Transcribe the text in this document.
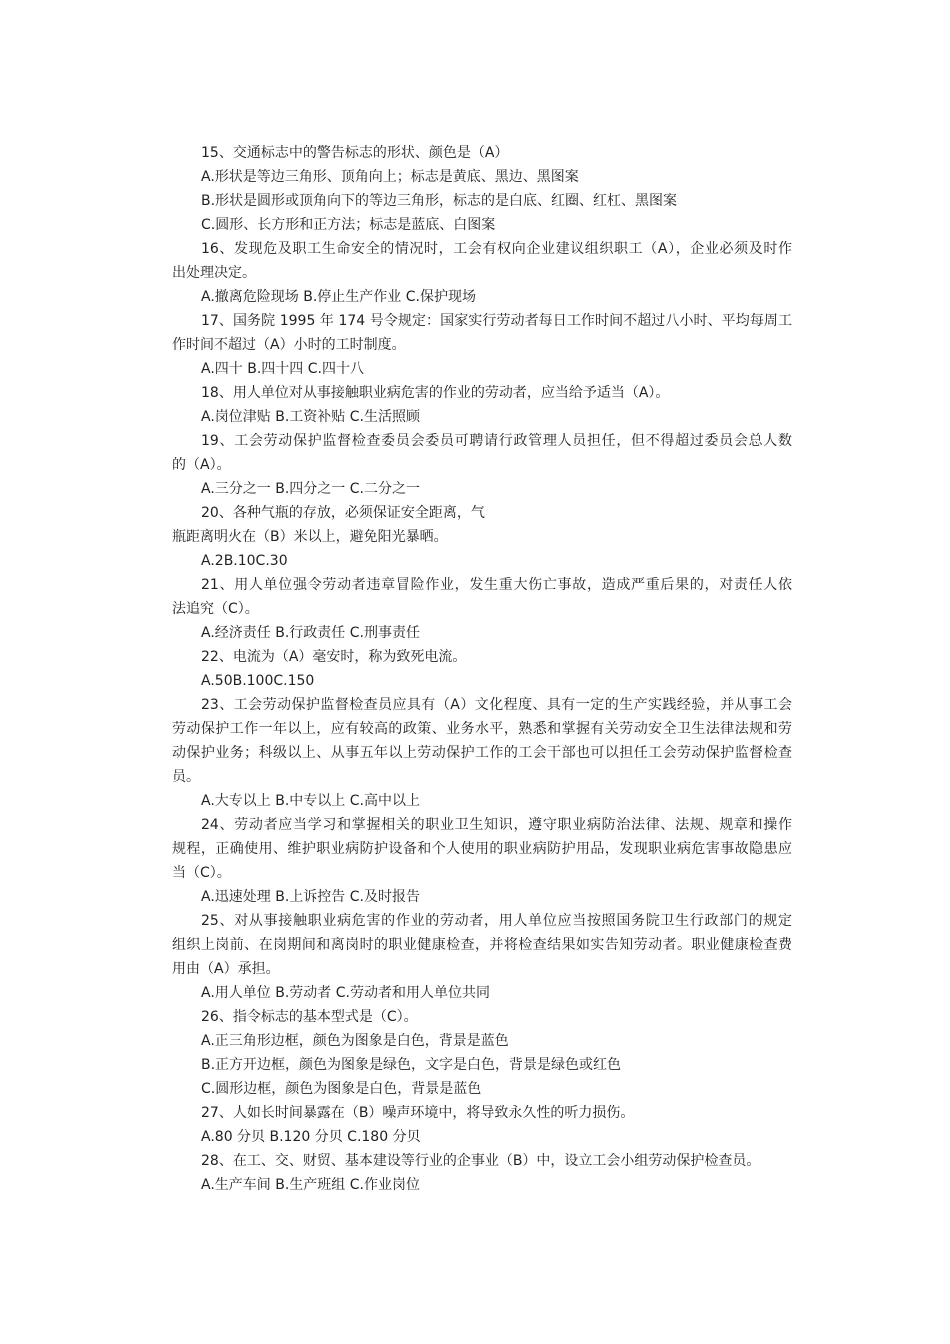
15、交通标志中的警告标志的形状、颜色是（A）
A.形状是等边三角形、顶角向上；标志是黄底、黑边、黑图案
B.形状是圆形或顶角向下的等边三角形，标志的是白底、红圈、红杠、黑图案
C.圆形、长方形和正方法；标志是蓝底、白图案
16、发现危及职工生命安全的情况时，工会有权向企业建议组织职工（A），企业必须及时作
出处理决定。
A.撤离危险现场 B.停止生产作业 C.保护现场
17、国务院 1995 年 174 号令规定：国家实行劳动者每日工作时间不超过八小时、平均每周工
作时间不超过（A）小时的工时制度。
A.四十 B.四十四 C.四十八
18、用人单位对从事接触职业病危害的作业的劳动者，应当给予适当（A）。
A.岗位津贴 B.工资补贴 C.生活照顾
19、工会劳动保护监督检查委员会委员可聘请行政管理人员担任，但不得超过委员会总人数
的（A）。
A.三分之一 B.四分之一 C.二分之一
20、各种气瓶的存放，必须保证安全距离，气
瓶距离明火在（B）米以上，避免阳光暴晒。
A.2B.10C.30
21、用人单位强令劳动者违章冒险作业，发生重大伤亡事故，造成严重后果的，对责任人依
法追究（C）。
A.经济责任 B.行政责任 C.刑事责任
22、电流为（A）毫安时，称为致死电流。
A.50B.100C.150
23、工会劳动保护监督检查员应具有（A）文化程度、具有一定的生产实践经验，并从事工会
劳动保护工作一年以上，应有较高的政策、业务水平，熟悉和掌握有关劳动安全卫生法律法规和劳
动保护业务；科级以上、从事五年以上劳动保护工作的工会干部也可以担任工会劳动保护监督检查
员。
A.大专以上 B.中专以上 C.高中以上
24、劳动者应当学习和掌握相关的职业卫生知识，遵守职业病防治法律、法规、规章和操作
规程，正确使用、维护职业病防护设备和个人使用的职业病防护用品，发现职业病危害事故隐患应
当（C）。
A.迅速处理 B.上诉控告 C.及时报告
25、对从事接触职业病危害的作业的劳动者，用人单位应当按照国务院卫生行政部门的规定
组织上岗前、在岗期间和离岗时的职业健康检查，并将检查结果如实告知劳动者。职业健康检查费
用由（A）承担。
A.用人单位 B.劳动者 C.劳动者和用人单位共同
26、指令标志的基本型式是（C）。
A.正三角形边框，颜色为图象是白色，背景是蓝色
B.正方开边框，颜色为图象是绿色，文字是白色，背景是绿色或红色
C.圆形边框，颜色为图象是白色，背景是蓝色
27、人如长时间暴露在（B）噪声环境中，将导致永久性的听力损伤。
A.80 分贝 B.120 分贝 C.180 分贝
28、在工、交、财贸、基本建设等行业的企事业（B）中，设立工会小组劳动保护检查员。
A.生产车间 B.生产班组 C.作业岗位
